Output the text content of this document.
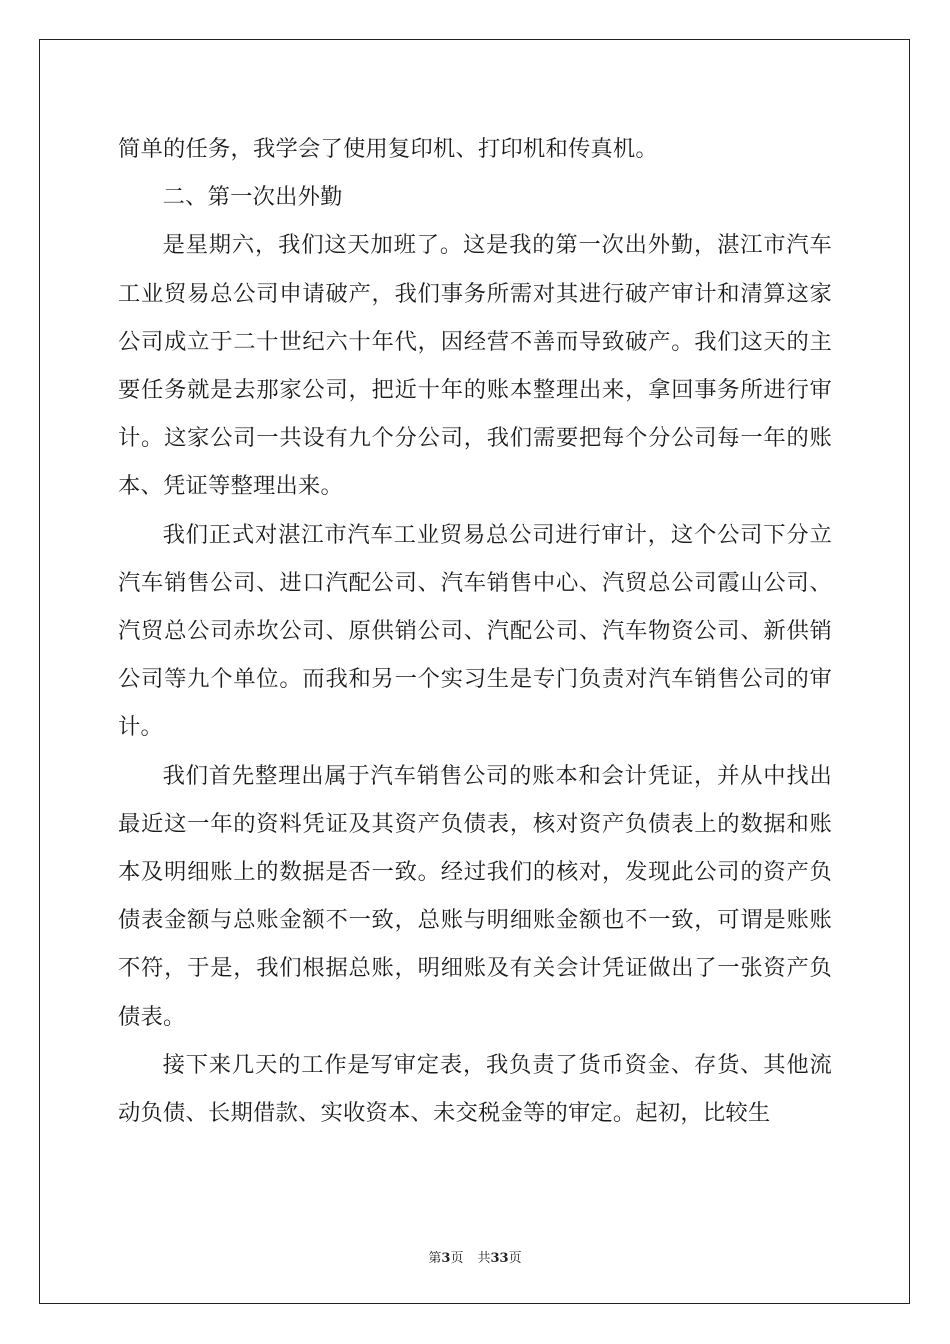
简单的任务，我学会了使用复印机、打印机和传真机。

二、第一次出外勤

是星期六，我们这天加班了。这是我的第一次出外勤，湛江市汽车工业贸易总公司申请破产，我们事务所需对其进行破产审计和清算这家公司成立于二十世纪六十年代，因经营不善而导致破产。我们这天的主要任务就是去那家公司，把近十年的账本整理出来，拿回事务所进行审计。这家公司一共设有九个分公司，我们需要把每个分公司每一年的账本、凭证等整理出来。

我们正式对湛江市汽车工业贸易总公司进行审计，这个公司下分立汽车销售公司、进口汽配公司、汽车销售中心、汽贸总公司霞山公司、汽贸总公司赤坎公司、原供销公司、汽配公司、汽车物资公司、新供销公司等九个单位。而我和另一个实习生是专门负责对汽车销售公司的审计。

我们首先整理出属于汽车销售公司的账本和会计凭证，并从中找出最近这一年的资料凭证及其资产负债表，核对资产负债表上的数据和账本及明细账上的数据是否一致。经过我们的核对，发现此公司的资产负债表金额与总账金额不一致，总账与明细账金额也不一致，可谓是账账不符，于是，我们根据总账，明细账及有关会计凭证做出了一张资产负债表。

接下来几天的工作是写审定表，我负责了货币资金、存货、其他流动负债、长期借款、实收资本、未交税金等的审定。起初，比较生

第3页 共33页
